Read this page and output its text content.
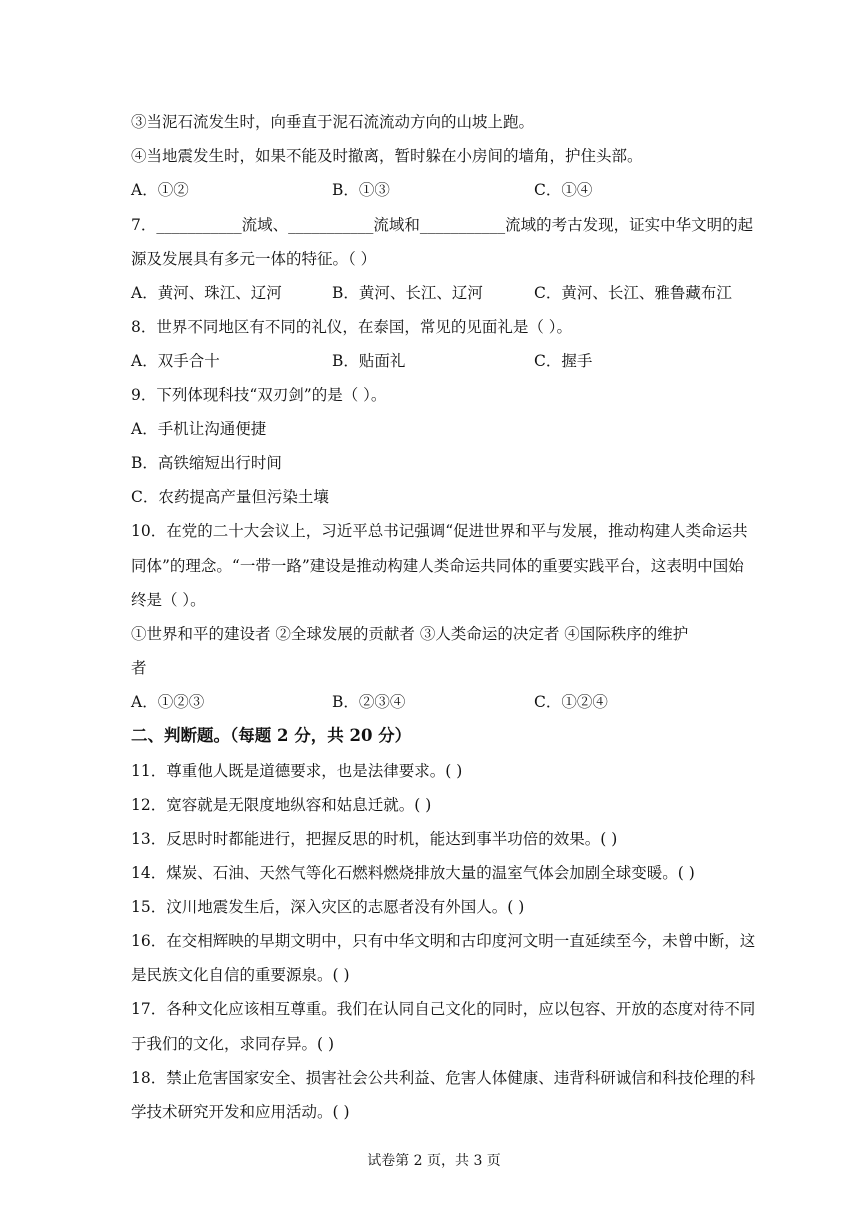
③当泥石流发生时，向垂直于泥石流流动方向的山坡上跑。
④当地震发生时，如果不能及时撤离，暂时躲在小房间的墙角，护住头部。
A．①②	B．①③	C．①④
7．___________流域、___________流域和___________流域的考古发现，证实中华文明的起
源及发展具有多元一体的特征。（ ）
A．黄河、珠江、辽河	B．黄河、长江、辽河	C．黄河、长江、雅鲁藏布江
8．世界不同地区有不同的礼仪，在泰国，常见的见面礼是（ ）。
A．双手合十	B．贴面礼	C．握手
9．下列体现科技“双刃剑”的是（ ）。
A．手机让沟通便捷
B．高铁缩短出行时间
C．农药提高产量但污染土壤
10．在党的二十大会议上，习近平总书记强调“促进世界和平与发展，推动构建人类命运共
同体”的理念。“一带一路”建设是推动构建人类命运共同体的重要实践平台，这表明中国始
终是（ ）。
①世界和平的建设者 ②全球发展的贡献者 ③人类命运的决定者 ④国际秩序的维护
者
A．①②③	B．②③④	C．①②④
二、判断题。（每题 2 分，共 20 分）
11．尊重他人既是道德要求，也是法律要求。( )
12．宽容就是无限度地纵容和姑息迁就。( )
13．反思时时都能进行，把握反思的时机，能达到事半功倍的效果。( )
14．煤炭、石油、天然气等化石燃料燃烧排放大量的温室气体会加剧全球变暖。( )
15．汶川地震发生后，深入灾区的志愿者没有外国人。( )
16．在交相辉映的早期文明中，只有中华文明和古印度河文明一直延续至今，未曾中断，这
是民族文化自信的重要源泉。( )
17．各种文化应该相互尊重。我们在认同自己文化的同时，应以包容、开放的态度对待不同
于我们的文化，求同存异。( )
18．禁止危害国家安全、损害社会公共利益、危害人体健康、违背科研诚信和科技伦理的科
学技术研究开发和应用活动。( )
试卷第 2 页，共 3 页
